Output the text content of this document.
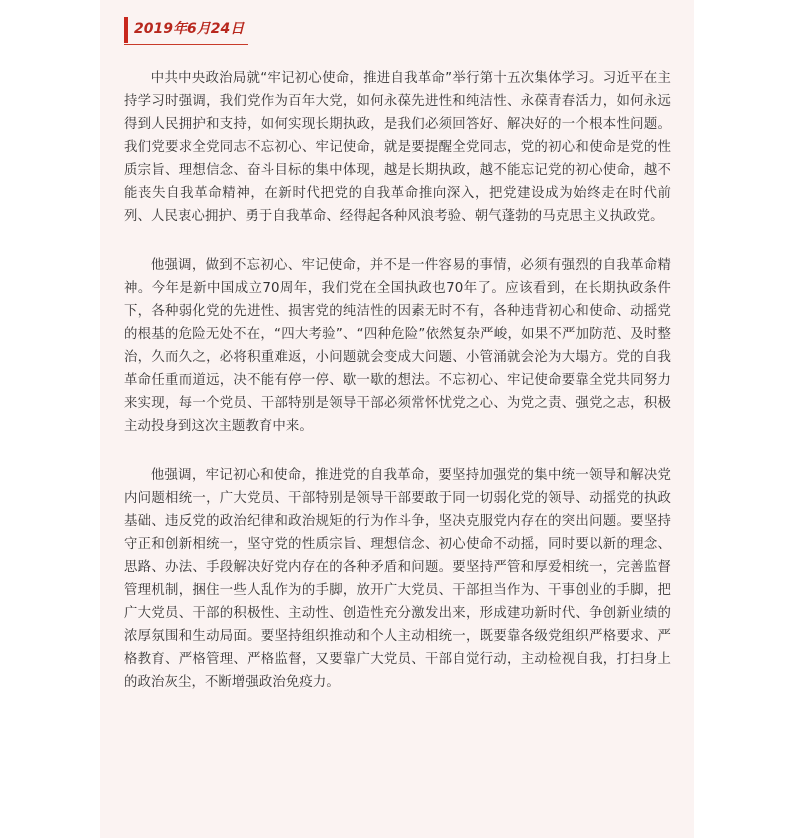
2019年6月24日

中共中央政治局就“牢记初心使命，推进自我革命”举行第十五次集体学习。习近平在主持学习时强调，我们党作为百年大党，如何永葆先进性和纯洁性、永葆青春活力，如何永远得到人民拥护和支持，如何实现长期执政，是我们必须回答好、解决好的一个根本性问题。我们党要求全党同志不忘初心、牢记使命，就是要提醒全党同志，党的初心和使命是党的性质宗旨、理想信念、奋斗目标的集中体现，越是长期执政，越不能忘记党的初心使命，越不能丧失自我革命精神，在新时代把党的自我革命推向深入，把党建设成为始终走在时代前列、人民衷心拥护、勇于自我革命、经得起各种风浪考验、朝气蓬勃的马克思主义执政党。

他强调，做到不忘初心、牢记使命，并不是一件容易的事情，必须有强烈的自我革命精神。今年是新中国成立70周年，我们党在全国执政也70年了。应该看到，在长期执政条件下，各种弱化党的先进性、损害党的纯洁性的因素无时不有，各种违背初心和使命、动摇党的根基的危险无处不在，“四大考验”、“四种危险”依然复杂严峻，如果不严加防范、及时整治，久而久之，必将积重难返，小问题就会变成大问题、小管涌就会沦为大塌方。党的自我革命任重而道远，决不能有停一停、歇一歇的想法。不忘初心、牢记使命要靠全党共同努力来实现，每一个党员、干部特别是领导干部必须常怀忧党之心、为党之责、强党之志，积极主动投身到这次主题教育中来。

他强调，牢记初心和使命，推进党的自我革命，要坚持加强党的集中统一领导和解决党内问题相统一，广大党员、干部特别是领导干部要敢于同一切弱化党的领导、动摇党的执政基础、违反党的政治纪律和政治规矩的行为作斗争，坚决克服党内存在的突出问题。要坚持守正和创新相统一，坚守党的性质宗旨、理想信念、初心使命不动摇，同时要以新的理念、思路、办法、手段解决好党内存在的各种矛盾和问题。要坚持严管和厚爱相统一，完善监督管理机制，捆住一些人乱作为的手脚，放开广大党员、干部担当作为、干事创业的手脚，把广大党员、干部的积极性、主动性、创造性充分激发出来，形成建功新时代、争创新业绩的浓厚氛围和生动局面。要坚持组织推动和个人主动相统一，既要靠各级党组织严格要求、严格教育、严格管理、严格监督，又要靠广大党员、干部自觉行动，主动检视自我，打扫身上的政治灰尘，不断增强政治免疫力。
